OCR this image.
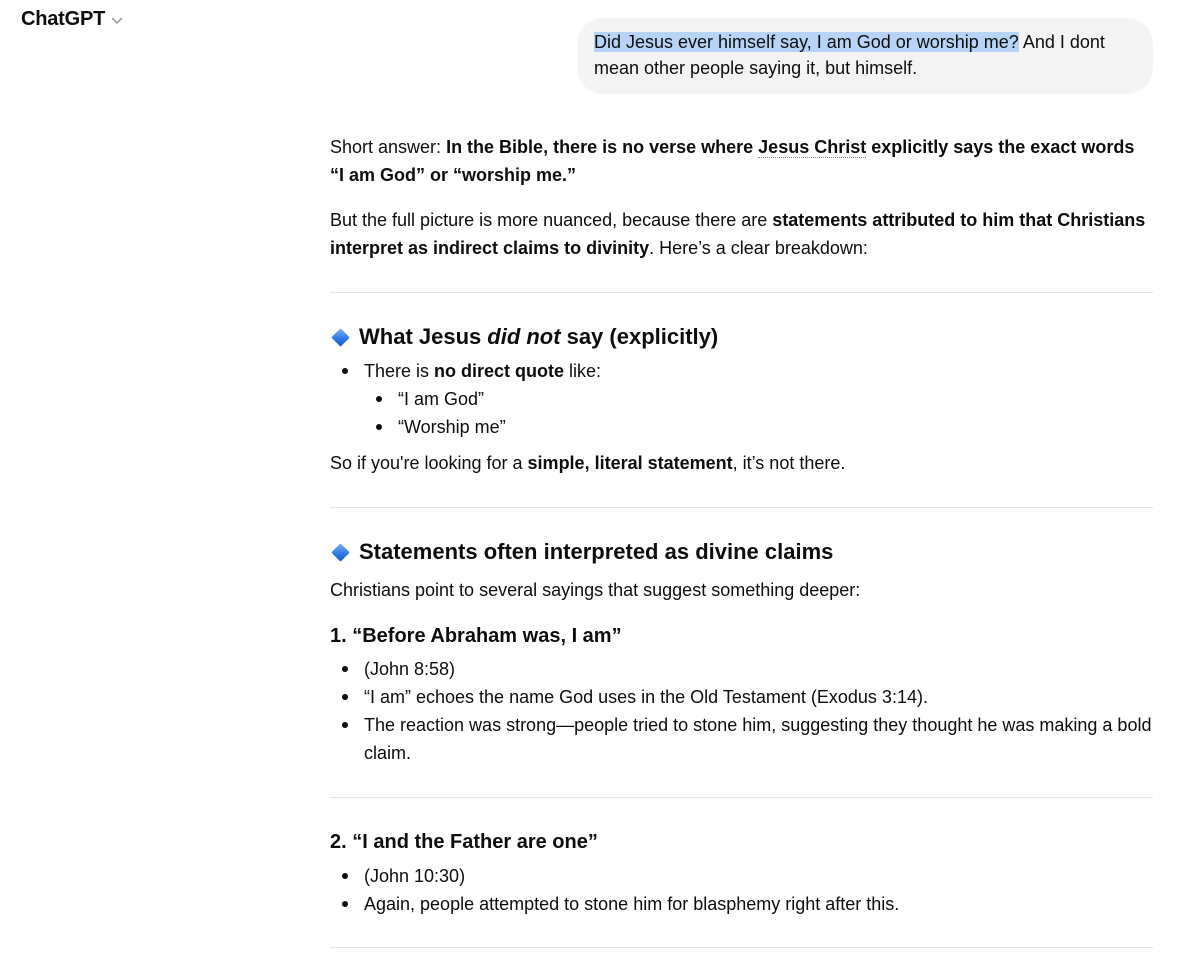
ChatGPT
Did Jesus ever himself say, I am God or worship me? And I dont mean other people saying it, but himself.

Short answer: In the Bible, there is no verse where Jesus Christ explicitly says the exact words “I am God” or “worship me.”

But the full picture is more nuanced, because there are statements attributed to him that Christians interpret as indirect claims to divinity. Here’s a clear breakdown:

What Jesus did not say (explicitly)
There is no direct quote like:
“I am God”
“Worship me”

So if you're looking for a simple, literal statement, it’s not there.

Statements often interpreted as divine claims

Christians point to several sayings that suggest something deeper:

1. “Before Abraham was, I am”
(John 8:58)
“I am” echoes the name God uses in the Old Testament (Exodus 3:14).
The reaction was strong—people tried to stone him, suggesting they thought he was making a bold claim.
2. “I and the Father are one”
(John 10:30)
Again, people attempted to stone him for blasphemy right after this.
